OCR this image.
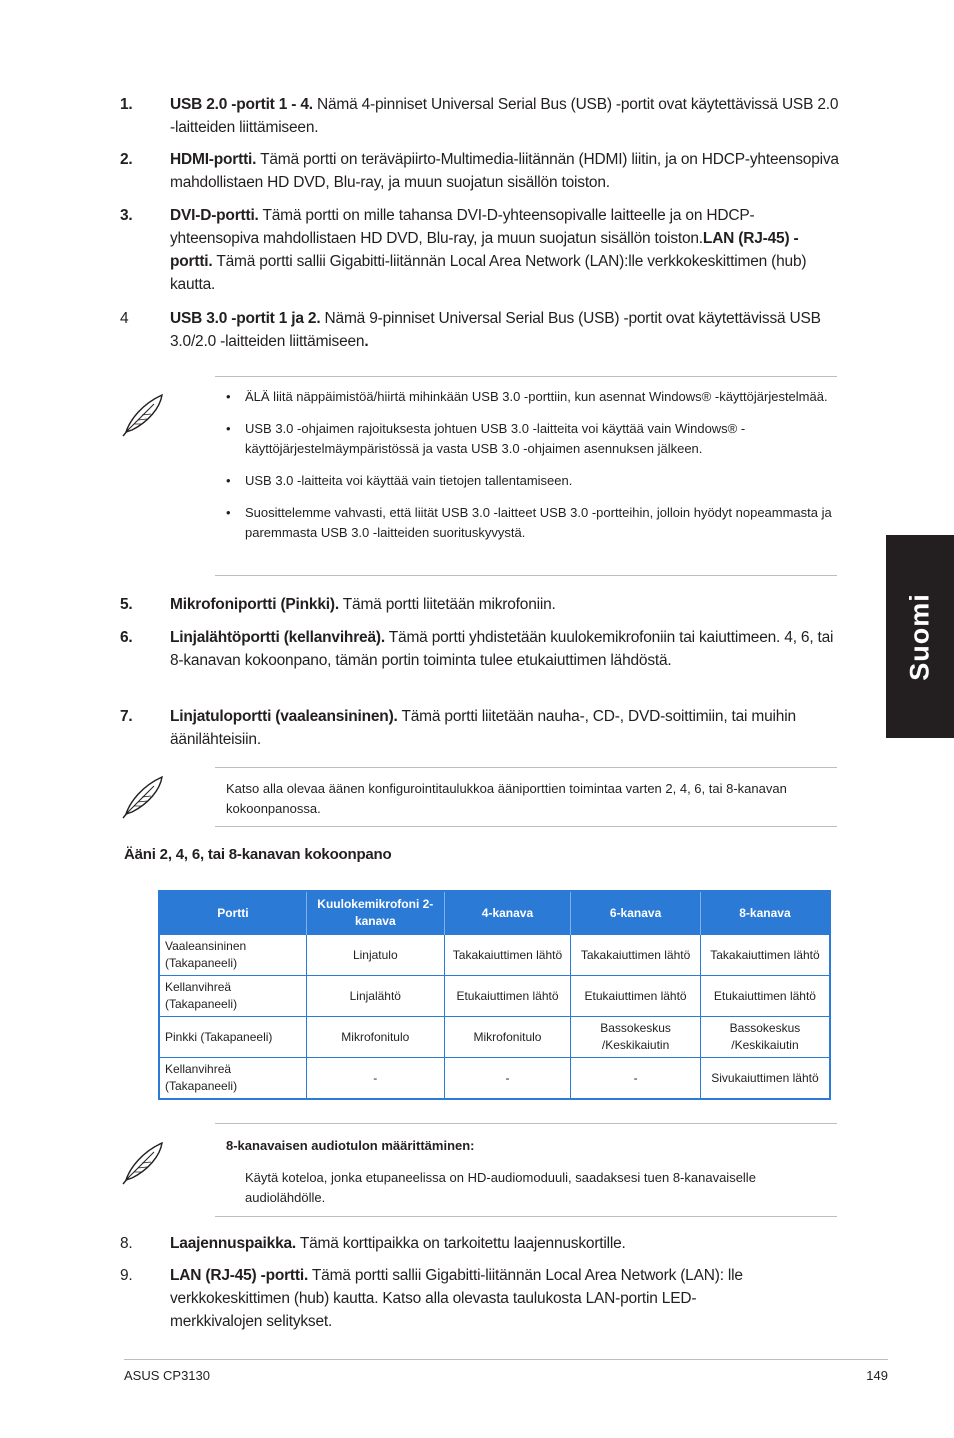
1.	USB 2.0 -portit 1 - 4. Nämä 4-pinniset Universal Serial Bus (USB) -portit ovat käytettävissä USB 2.0 -laitteiden liittämiseen.
2.	HDMI-portti. Tämä portti on teräväpiirto-Multimedia-liitännän (HDMI) liitin, ja on HDCP-yhteensopiva mahdollistaen HD DVD, Blu-ray, ja muun suojatun sisällön toiston.
3.	DVI-D-portti. Tämä portti on mille tahansa DVI-D-yhteensopivalle laitteelle ja on HDCP-yhteensopiva mahdollistaen HD DVD, Blu-ray, ja muun suojatun sisällön toiston.LAN (RJ-45) -portti. Tämä portti sallii Gigabitti-liitännän Local Area Network (LAN):lle verkkokeskittimen (hub) kautta.
4	USB 3.0 -portit 1 ja 2. Nämä 9-pinniset Universal Serial Bus (USB) -portit ovat käytettävissä USB 3.0/2.0 -laitteiden liittämiseen.
• ÄLÄ liitä näppäimistöä/hiirtä mihinkään USB 3.0 -porttiin, kun asennat Windows® -käyttöjärjestelmää.
• USB 3.0 -ohjaimen rajoituksesta johtuen USB 3.0 -laitteita voi käyttää vain Windows® -käyttöjärjestelmäympäristössä ja vasta USB 3.0 -ohjaimen asennuksen jälkeen.
• USB 3.0 -laitteita voi käyttää vain tietojen tallentamiseen.
• Suosittelemme vahvasti, että liität USB 3.0 -laitteet USB 3.0 -portteihin, jolloin hyödyt nopeammasta ja paremmasta USB 3.0 -laitteiden suorituskyvystä.
5.	Mikrofoniportti (Pinkki). Tämä portti liitetään mikrofoniin.
6.	Linjalähtöportti (kellanvihreä). Tämä portti yhdistetään kuulokemikrofoniin tai kaiuttimeen. 4, 6, tai 8-kanavan kokoonpano, tämän portin toiminta tulee etukaiuttimen lähdöstä.
7.	Linjatuloportti (vaaleansininen). Tämä portti liitetään nauha-, CD-, DVD-soittimiin, tai muihin äänilähteisiin.
Katso alla olevaa äänen konfigurointitaulukkoa ääniporttien toimintaa varten 2, 4, 6, tai 8-kanavan kokoonpanossa.
Ääni 2, 4, 6, tai 8-kanavan kokoonpano
Portti	Kuulokemikrofoni 2-kanava	4-kanava	6-kanava	8-kanava
Vaaleansininen
(Takapaneeli)	Linjatulo	Takakaiuttimen lähtö	Takakaiuttimen lähtö	Takakaiuttimen lähtö
Kellanvihreä
(Takapaneeli)	Linjalähtö	Etukaiuttimen lähtö	Etukaiuttimen lähtö	Etukaiuttimen lähtö
Pinkki (Takapaneeli)	Mikrofonitulo	Mikrofonitulo	Bassokeskus /Keskikaiutin	Bassokeskus /Keskikaiutin
Kellanvihreä
(Takapaneeli)	-	-	-	Sivukaiuttimen lähtö
8-kanavaisen audiotulon määrittäminen:
Käytä koteloa, jonka etupaneelissa on HD-audiomoduuli, saadaksesi tuen 8-kanavaiselle audiolähdölle.
8.	Laajennuspaikka. Tämä korttipaikka on tarkoitettu laajennuskortille.
9.	LAN (RJ-45) -portti. Tämä portti sallii Gigabitti-liitännän Local Area Network (LAN): lle verkkokeskittimen (hub) kautta. Katso alla olevasta taulukosta LAN-portin LED-
merkkivalojen selitykset.
Suomi
ASUS CP3130	149
